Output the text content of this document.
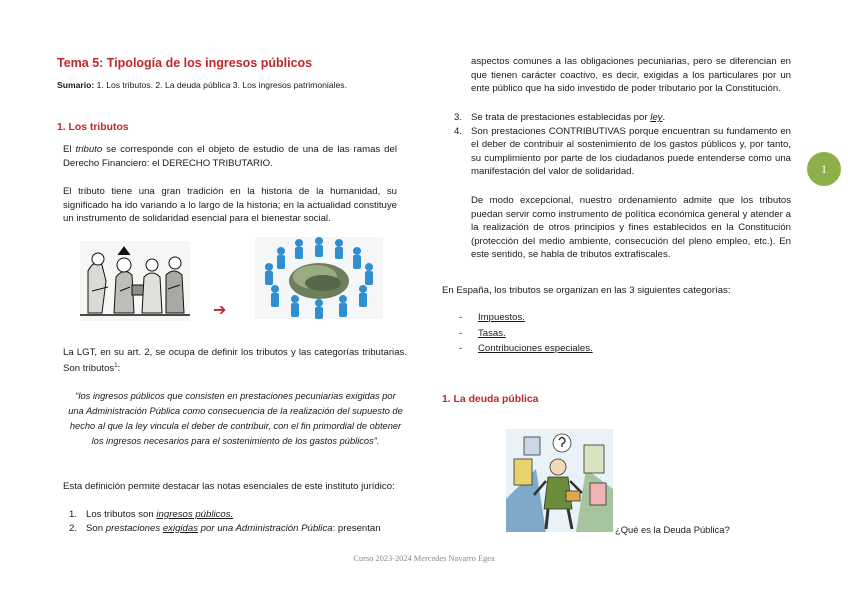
Tema 5: Tipología de los ingresos públicos
Sumario: 1. Los tributos. 2. La deuda pública 3. Los ingresos patrimoniales.
1. Los tributos
El tributo se corresponde con el objeto de estudio de una de las ramas del Derecho Financiero: el DERECHO TRIBUTARIO.
El tributo tiene una gran tradición en la historia de la humanidad, su significado ha ido variando a lo largo de la historia; en la actualidad constituye un instrumento de solidaridad esencial para el bienestar social.
➔
La LGT, en su art. 2, se ocupa de definir los tributos y las categorías tributarias. Son tributos$^1$:
“los ingresos públicos que consisten en prestaciones pecuniarias exigidas por una Administración Pública como consecuencia de la realización del supuesto de hecho al que la ley vincula el deber de contribuir, con el fin primordial de obtener los ingresos necesarios para el sostenimiento de los gastos públicos”.
Esta definición permite destacar las notas esenciales de este instituto jurídico:
1. Los tributos son ingresos públicos.
2. Son prestaciones exigidas por una Administración Pública: presentan
aspectos comunes a las obligaciones pecuniarias, pero se diferencian en que tienen carácter coactivo, es decir, exigidas a los particulares por un ente público que ha sido investido de poder tributario por la Constitución.
3. Se trata de prestaciones establecidas por ley.
4. Son prestaciones CONTRIBUTIVAS porque encuentran su fundamento en el deber de contribuir al sostenimiento de los gastos públicos y, por tanto, su cumplimiento por parte de los ciudadanos puede entenderse como una manifestación del valor de solidaridad.	1
De modo excepcional, nuestro ordenamiento admite que los tributos puedan servir como instrumento de política económica general y atender a la realización de otros principios y fines establecidos en la Constitución (protección del medio ambiente, consecución del pleno empleo, etc.). En este sentido, se habla de tributos extrafiscales.
En España, los tributos se organizan en las 3 siguientes categorías:
- Impuestos.
- Tasas.
- Contribuciones especiales.
1. La deuda pública
¿Qué es la Deuda Pública?
Curso 2023-2024 Mercedes Navarro Egea
